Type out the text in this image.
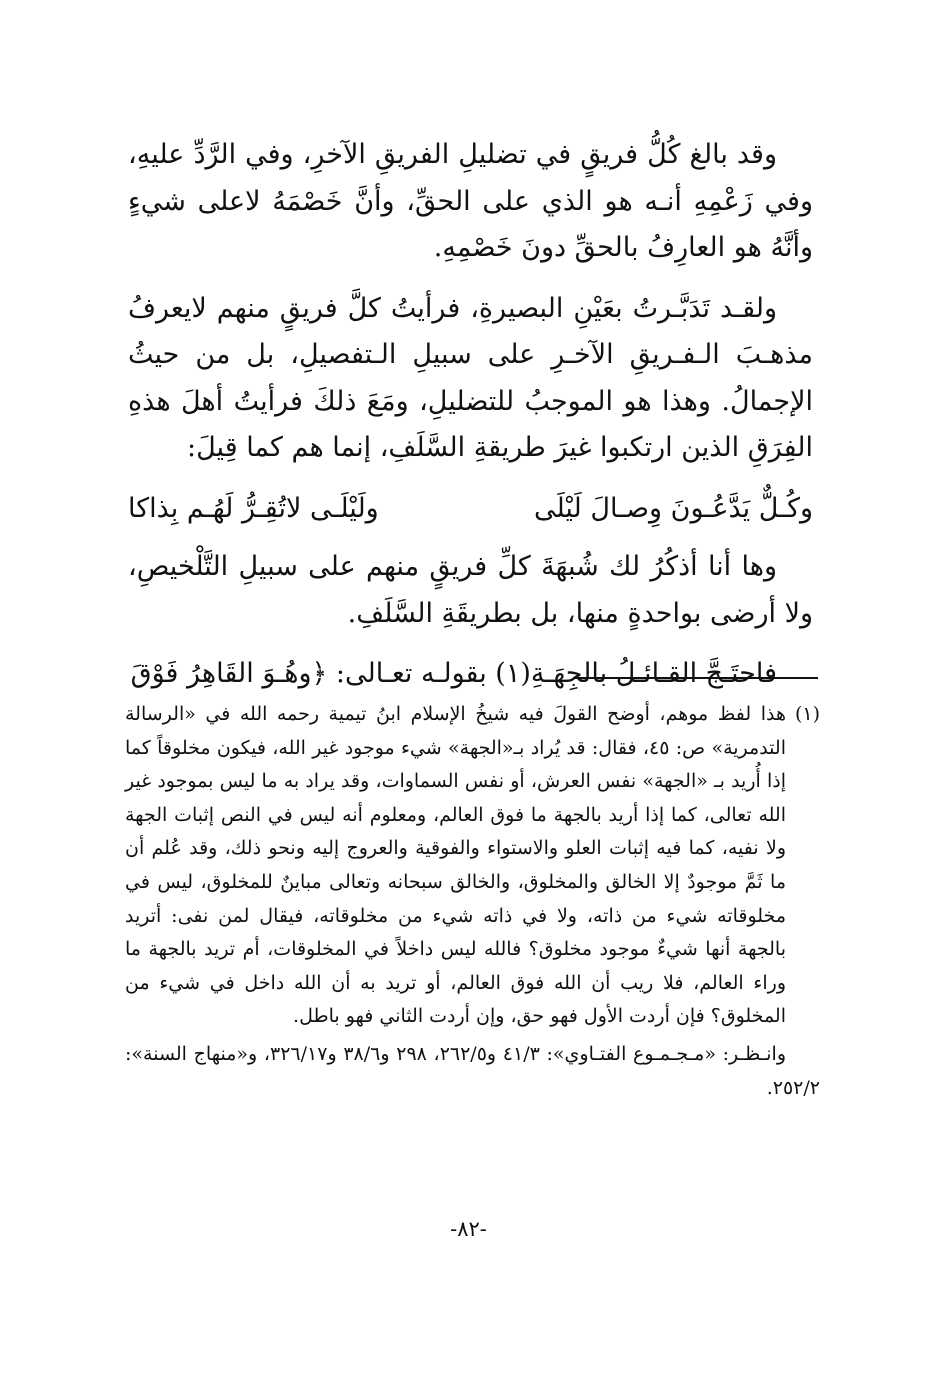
وقد بالغ كُلُّ فريقٍ في تضليلِ الفريقِ الآخرِ، وفي الرَّدِّ عليهِ، وفي زَعْمِهِ أنـه هو الذي على الحقِّ، وأنَّ خَصْمَهُ لاعلى شيءٍ وأنَّهُ هو العارِفُ بالحقِّ دونَ خَصْمِهِ.

ولقـد تَدَبَّـرتُ بعَيْنِ البصيرةِ، فرأيتُ كلَّ فريقٍ منهم لايعرفُ مذهـبَ الـفـريقِ الآخـرِ على سبيلِ الـتفصيلِ، بل من حيثُ الإجمالُ. وهذا هو الموجبُ للتضليلِ، ومَعَ ذلكَ فرأيتُ أهلَ هذهِ الفِرَقِ الذين ارتكبوا غيرَ طريقةِ السَّلَفِ، إنما هم كما قِيلَ:

وكُـلٌّ يَدَّعُـونَ وِصـالَ لَيْلَى
ولَيْلَـى لاتُقِـرُّ لَهُـم بِذاكا

وها أنا أذكُرُ لك شُبهَةَ كلِّ فريقٍ منهم على سبيلِ التَّلْخيصِ، ولا أرضى بواحدةٍ منها، بل بطريقَةِ السَّلَفِ.

فاحتَـجَّ القـائـلُ بالجِهَـةِ(١) بقولـه تعـالى: ﴿وهُـوَ القَاهِرُ فَوْقَ

(١)

هذا لفظ موهم، أوضح القولَ فيه شيخُ الإسلام ابنُ تيمية رحمه الله في «الرسالة التدمرية» ص: ٤٥، فقال: قد يُراد بـ«الجهة» شيء موجود غير الله، فيكون مخلوقاً كما إذا أُريد بـ «الجهة» نفس العرش، أو نفس السماوات، وقد يراد به ما ليس بموجود غير الله تعالى، كما إذا أريد بالجهة ما فوق العالم، ومعلوم أنه ليس في النص إثبات الجهة ولا نفيه، كما فيه إثبات العلو والاستواء والفوقية والعروج إليه ونحو ذلك، وقد عُلم أن ما ثَمَّ موجودٌ إلا الخالق والمخلوق، والخالق سبحانه وتعالى مباينٌ للمخلوق، ليس في مخلوقاته شيء من ذاته، ولا في ذاته شيء من مخلوقاته، فيقال لمن نفى: أتريد بالجهة أنها شيءٌ موجود مخلوق؟ فالله ليس داخلاً في المخلوقات، أم تريد بالجهة ما وراء العالم، فلا ريب أن الله فوق العالم، أو تريد به أن الله داخل في شيء من المخلوق؟ فإن أردت الأول فهو حق، وإن أردت الثاني فهو باطل.

وانـظـر: «مـجـمـوع الفتـاوي»: ٤١/٣ و٢٦٢/٥، ٢٩٨ و٣٨/٦ و٣٢٦/١٧، و«منهاج السنة»: ٢٥٢/٢.

-٨٢-
